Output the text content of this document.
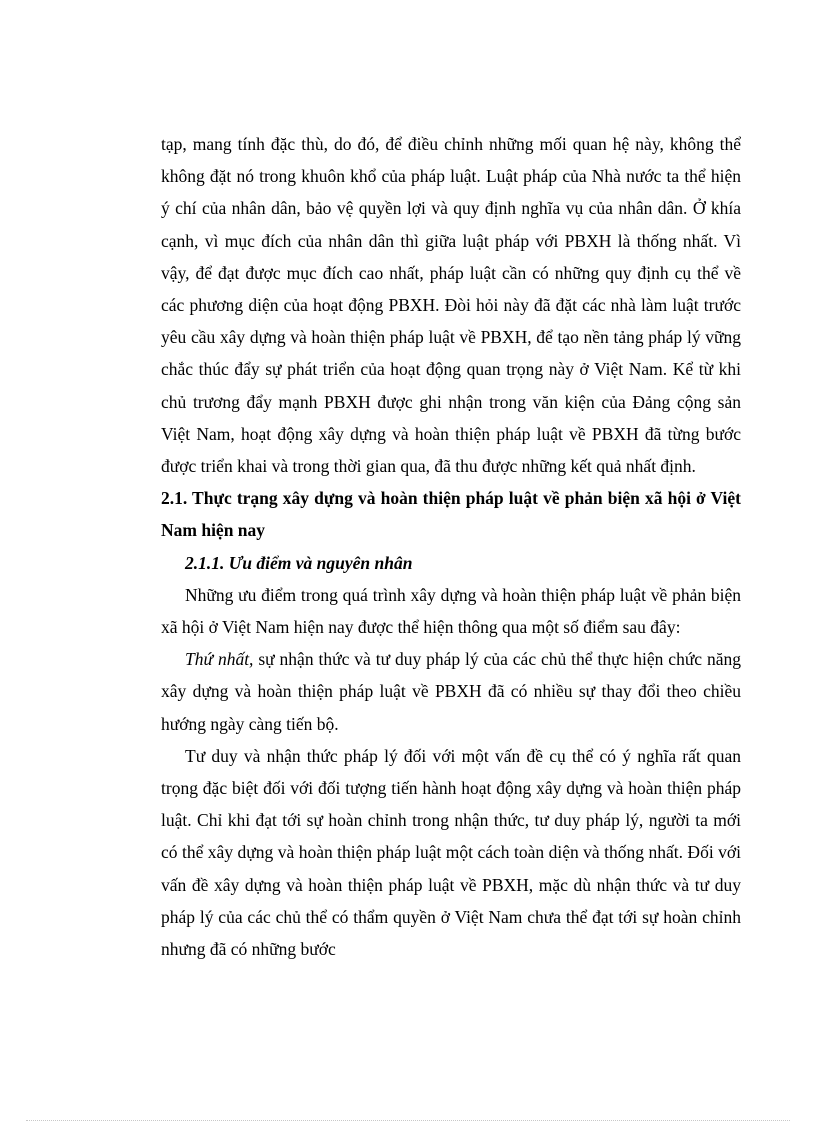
tạp, mang tính đặc thù, do đó, để điều chỉnh những mối quan hệ này, không thể không đặt nó trong khuôn khổ của pháp luật. Luật pháp của Nhà nước ta thể hiện ý chí của nhân dân, bảo vệ quyền lợi và quy định nghĩa vụ của nhân dân. Ở khía cạnh, vì mục đích của nhân dân thì giữa luật pháp với PBXH là thống nhất. Vì vậy, để đạt được mục đích cao nhất, pháp luật cần có những quy định cụ thể về các phương diện của hoạt động PBXH. Đòi hỏi này đã đặt các nhà làm luật trước yêu cầu xây dựng và hoàn thiện pháp luật về PBXH, để tạo nền tảng pháp lý vững chắc thúc đẩy sự phát triển của hoạt động quan trọng này ở Việt Nam. Kể từ khi chủ trương đẩy mạnh PBXH được ghi nhận trong văn kiện của Đảng cộng sản Việt Nam, hoạt động xây dựng và hoàn thiện pháp luật về PBXH đã từng bước được triển khai và trong thời gian qua, đã thu được những kết quả nhất định.

2.1. Thực trạng xây dựng và hoàn thiện pháp luật về phản biện xã hội ở Việt Nam hiện nay

2.1.1. Ưu điểm và nguyên nhân

Những ưu điểm trong quá trình xây dựng và hoàn thiện pháp luật về phản biện xã hội ở Việt Nam hiện nay được thể hiện thông qua một số điểm sau đây:

Thứ nhất, sự nhận thức và tư duy pháp lý của các chủ thể thực hiện chức năng xây dựng và hoàn thiện pháp luật về PBXH đã có nhiều sự thay đổi theo chiều hướng ngày càng tiến bộ.

Tư duy và nhận thức pháp lý đối với một vấn đề cụ thể có ý nghĩa rất quan trọng đặc biệt đối với đối tượng tiến hành hoạt động xây dựng và hoàn thiện pháp luật. Chỉ khi đạt tới sự hoàn chỉnh trong nhận thức, tư duy pháp lý, người ta mới có thể xây dựng và hoàn thiện pháp luật một cách toàn diện và thống nhất. Đối với vấn đề xây dựng và hoàn thiện pháp luật về PBXH, mặc dù nhận thức và tư duy pháp lý của các chủ thể có thẩm quyền ở Việt Nam chưa thể đạt tới sự hoàn chỉnh nhưng đã có những bước
